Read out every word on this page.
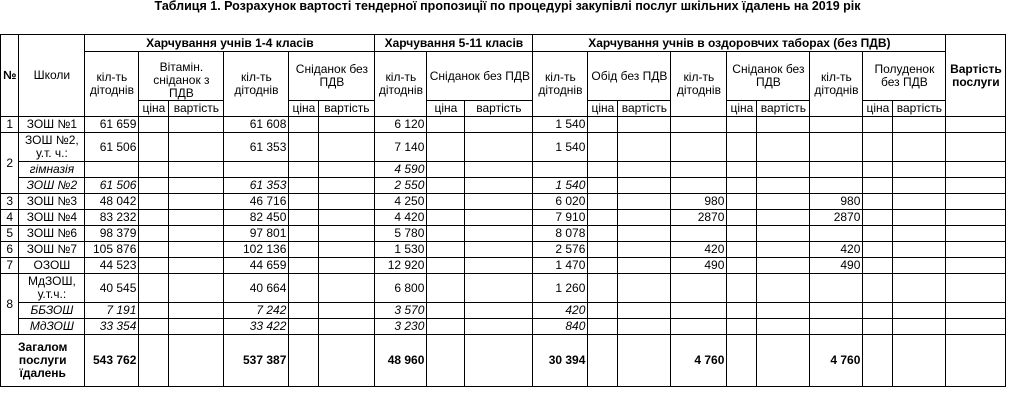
Таблиця 1. Розрахунок вартості тендерної пропозиції по процедурі закупівлі послуг шкільних їдалень на 2019 рік
№	Школи	Харчування учнів 1-4 класів						Харчування 5-11 класів			Харчування учнів в оздоровчих таборах (без ПДВ)									Вартість послуги
		кіл-ть дітоднів	Вітамін. сніданок з ПДВ		кіл-ть дітоднів	Сніданок без ПДВ		кіл-ть дітоднів	Сніданок без ПДВ		кіл-ть дітоднів	Обід без ПДВ		кіл-ть дітоднів	Сніданок без ПДВ		кіл-ть дітоднів	Полуденок без ПДВ		
			ціна	вартість		ціна	вартість		ціна	вартість		ціна	вартість		ціна	вартість		ціна	вартість	
1	ЗОШ №1	61 659			61 608			6 120			1 540									
2	ЗОШ №2, у.т. ч.:	61 506			61 353			7 140			1 540									
	гімназія							4 590												
	ЗОШ №2	61 506			61 353			2 550			1 540									
3	ЗОШ №3	48 042			46 716			4 250			6 020			980			980			
4	ЗОШ №4	83 232			82 450			4 420			7 910			2870			2870			
5	ЗОШ №6	98 379			97 801			5 780			8 078									
6	ЗОШ №7	105 876			102 136			1 530			2 576			420			420			
7	ОЗОШ	44 523			44 659			12 920			1 470			490			490			
8	МдЗОШ, у.т.ч.:	40 545			40 664			6 800			1 260									
	ББЗОШ	7 191			7 242			3 570			420									
	МдЗОШ	33 354			33 422			3 230			840									
Загалом послуги їдалень		543 762			537 387			48 960			30 394			4 760			4 760			
